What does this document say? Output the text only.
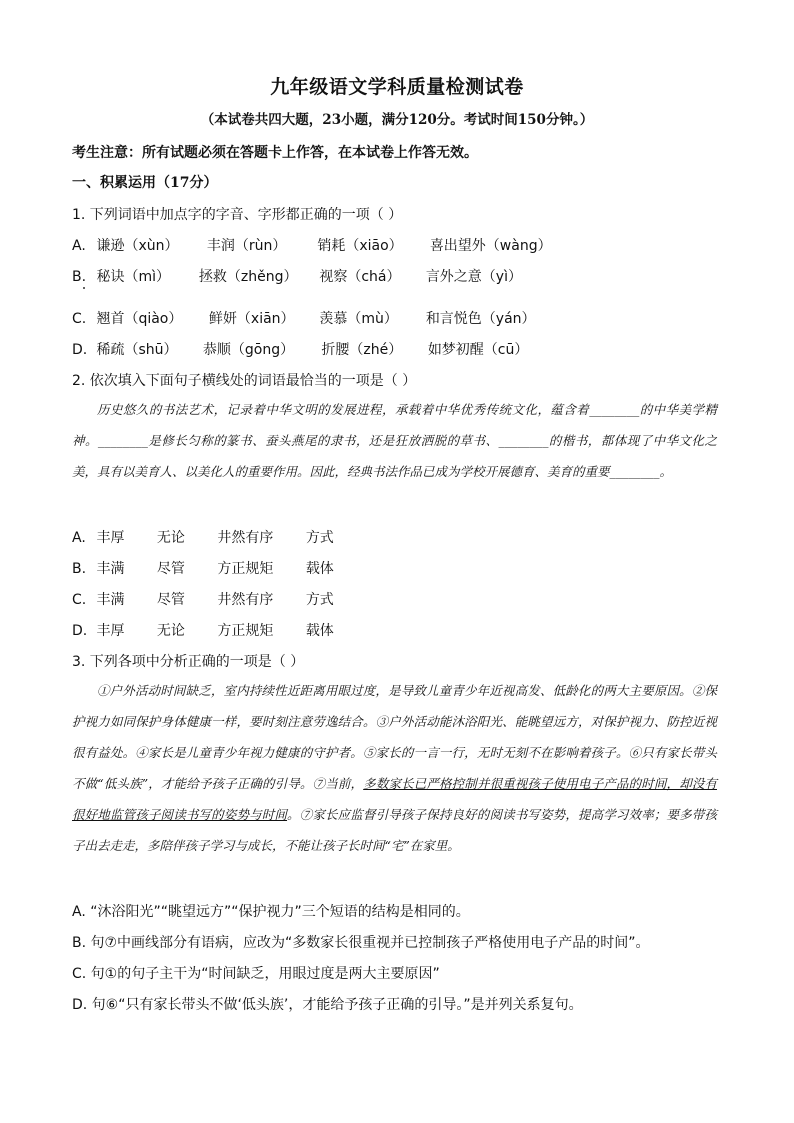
九年级语文学科质量检测试卷
（本试卷共四大题，23小题，满分120分。考试时间150分钟。）
考生注意：所有试题必须在答题卡上作答，在本试卷上作答无效。
一、积累运用（17分）
1. 下列词语中加点字的字音、字形都正确的一项（ ）
A. 谦逊（xùn） 丰润（rùn） 销耗（xiāo） 喜出望外（wàng）
B. 秘诀（mì） 拯救（zhěng） 视察（chá） 言外之意（yì）
C. 翘首（qiào） 鲜妍（xiān） 羡慕（mù） 和言悦色（yán）
D. 稀疏（shū） 恭顺（gōng） 折腰（zhé） 如梦初醒（cū）
2. 依次填入下面句子横线处的词语最恰当的一项是（ ）
历史悠久的书法艺术，记录着中华文明的发展进程，承载着中华优秀传统文化，蕴含着________的中华美学精神。________是修长匀称的篆书、蚕头燕尾的隶书，还是狂放洒脱的草书、________的楷书，都体现了中华文化之美，具有以美育人、以美化人的重要作用。因此，经典书法作品已成为学校开展德育、美育的重要________。
A. 丰厚 无论 井然有序 方式
B. 丰满 尽管 方正规矩 载体
C. 丰满 尽管 井然有序 方式
D. 丰厚 无论 方正规矩 载体
3. 下列各项中分析正确的一项是（ ）
①户外活动时间缺乏，室内持续性近距离用眼过度，是导致儿童青少年近视高发、低龄化的两大主要原因。②保护视力如同保护身体健康一样，要时刻注意劳逸结合。③户外活动能沐浴阳光、能眺望远方，对保护视力、防控近视很有益处。④家长是儿童青少年视力健康的守护者。⑤家长的一言一行，无时无刻不在影响着孩子。⑥只有家长带头不做“低头族”，才能给予孩子正确的引导。⑦当前，多数家长已严格控制并很重视孩子使用电子产品的时间，却没有很好地监管孩子阅读书写的姿势与时间。⑦家长应监督引导孩子保持良好的阅读书写姿势，提高学习效率；要多带孩子出去走走，多陪伴孩子学习与成长，不能让孩子长时间“宅”在家里。
A. “沐浴阳光”“眺望远方”“保护视力”三个短语的结构是相同的。
B. 句⑦中画线部分有语病，应改为“多数家长很重视并已控制孩子严格使用电子产品的时间”。
C. 句①的句子主干为“时间缺乏，用眼过度是两大主要原因”
D. 句⑥“只有家长带头不做‘低头族’，才能给予孩子正确的引导。”是并列关系复句。
